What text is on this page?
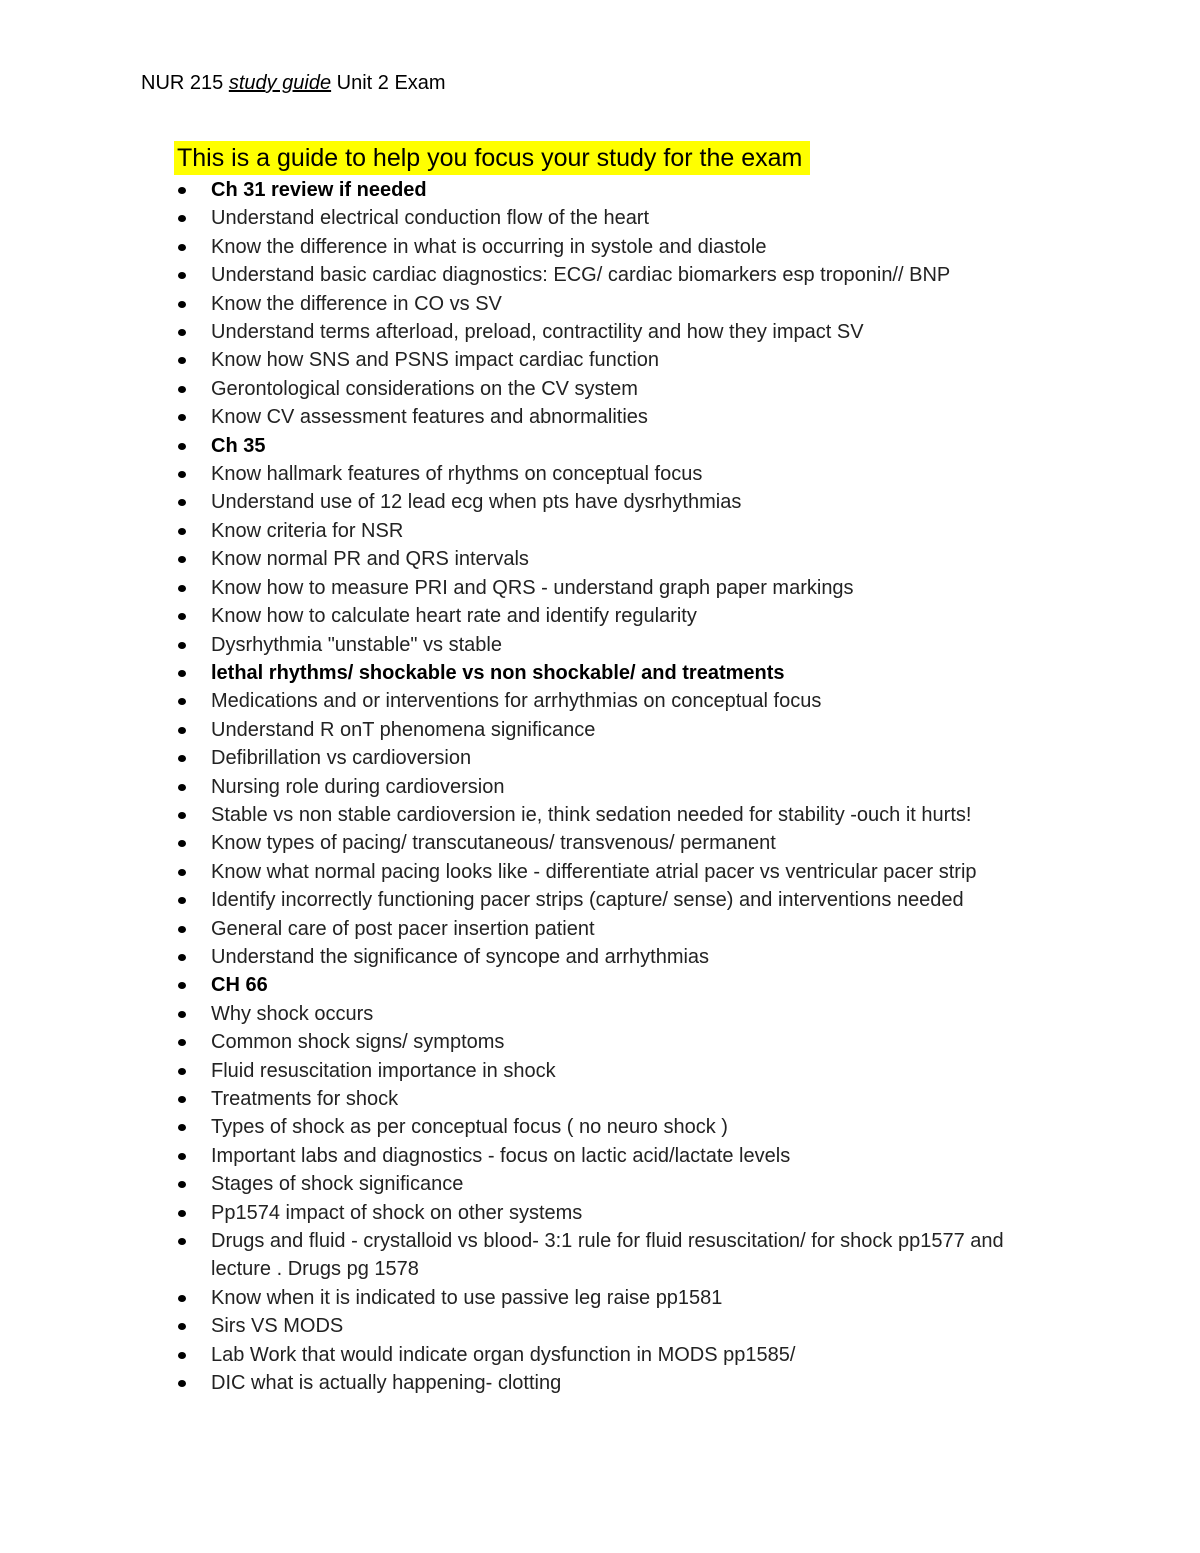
NUR 215 study guide Unit 2 Exam
This is a guide to help you focus your study for the exam
Ch 31 review if needed
Understand electrical conduction flow of the heart
Know the difference in what is occurring in systole and diastole
Understand basic cardiac diagnostics: ECG/ cardiac biomarkers esp troponin// BNP
Know the difference in CO vs SV
Understand terms afterload, preload, contractility and how they impact SV
Know how SNS and PSNS impact cardiac function
Gerontological considerations on the CV system
Know CV assessment features and abnormalities
Ch 35
Know hallmark features of rhythms on conceptual focus
Understand use of 12 lead ecg when pts have dysrhythmias
Know criteria for NSR
Know normal PR and QRS intervals
Know how to measure PRI and QRS - understand graph paper markings
Know how to calculate heart rate and identify regularity
Dysrhythmia "unstable" vs stable
lethal rhythms/ shockable vs non shockable/ and treatments
Medications and or interventions for arrhythmias on conceptual focus
Understand R onT phenomena significance
Defibrillation vs cardioversion
Nursing role during cardioversion
Stable vs non stable cardioversion ie, think sedation needed for stability -ouch it hurts!
Know types of pacing/ transcutaneous/ transvenous/ permanent
Know what normal pacing looks like - differentiate atrial pacer vs ventricular pacer strip
Identify incorrectly functioning pacer strips (capture/ sense) and interventions needed
General care of post pacer insertion patient
Understand the significance of syncope and arrhythmias
CH 66
Why shock occurs
Common shock signs/ symptoms
Fluid resuscitation importance in shock
Treatments for shock
Types of shock as per conceptual focus ( no neuro shock )
Important labs and diagnostics - focus on lactic acid/lactate levels
Stages of shock significance
Pp1574 impact of shock on other systems
Drugs and fluid - crystalloid vs blood- 3:1 rule for fluid resuscitation/ for shock pp1577 and lecture . Drugs pg 1578
Know when it is indicated to use passive leg raise pp1581
Sirs VS MODS
Lab Work that would indicate organ dysfunction in MODS pp1585/
DIC what is actually happening- clotting
